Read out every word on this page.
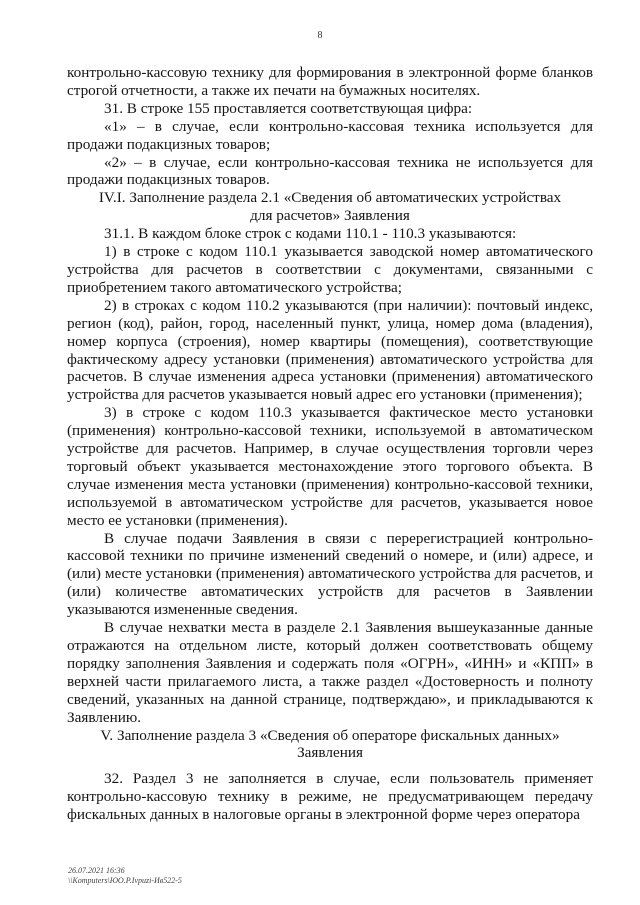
8

контрольно-кассовую технику для формирования в электронной форме бланков строгой отчетности, а также их печати на бумажных носителях.

31. В строке 155 проставляется соответствующая цифра:

«1» – в случае, если контрольно-кассовая техника используется для продажи подакцизных товаров;

«2» – в случае, если контрольно-кассовая техника не используется для продажи подакцизных товаров.

IV.I. Заполнение раздела 2.1 «Сведения об автоматических устройствах для расчетов» Заявления

31.1. В каждом блоке строк с кодами 110.1 - 110.3 указываются:

1) в строке с кодом 110.1 указывается заводской номер автоматического устройства для расчетов в соответствии с документами, связанными с приобретением такого автоматического устройства;

2) в строках с кодом 110.2 указываются (при наличии): почтовый индекс, регион (код), район, город, населенный пункт, улица, номер дома (владения), номер корпуса (строения), номер квартиры (помещения), соответствующие фактическому адресу установки (применения) автоматического устройства для расчетов. В случае изменения адреса установки (применения) автоматического устройства для расчетов указывается новый адрес его установки (применения);

3) в строке с кодом 110.3 указывается фактическое место установки (применения) контрольно-кассовой техники, используемой в автоматическом устройстве для расчетов. Например, в случае осуществления торговли через торговый объект указывается местонахождение этого торгового объекта. В случае изменения места установки (применения) контрольно-кассовой техники, используемой в автоматическом устройстве для расчетов, указывается новое место ее установки (применения).

В случае подачи Заявления в связи с перерегистрацией контрольно-кассовой техники по причине изменений сведений о номере, и (или) адресе, и (или) месте установки (применения) автоматического устройства для расчетов, и (или) количестве автоматических устройств для расчетов в Заявлении указываются измененные сведения.

В случае нехватки места в разделе 2.1 Заявления вышеуказанные данные отражаются на отдельном листе, который должен соответствовать общему порядку заполнения Заявления и содержать поля «ОГРН», «ИНН» и «КПП» в верхней части прилагаемого листа, а также раздел «Достоверность и полноту сведений, указанных на данной странице, подтверждаю», и прикладываются к Заявлению.

V. Заполнение раздела 3 «Сведения об операторе фискальных данных» Заявления

32. Раздел 3 не заполняется в случае, если пользователь применяет контрольно-кассовую технику в режиме, не предусматривающем передачу фискальных данных в налоговые органы в электронной форме через оператора

26.07.2021 16:36
\\Komputers\ЮО.Р.Ivpuzi-Ив522-5
